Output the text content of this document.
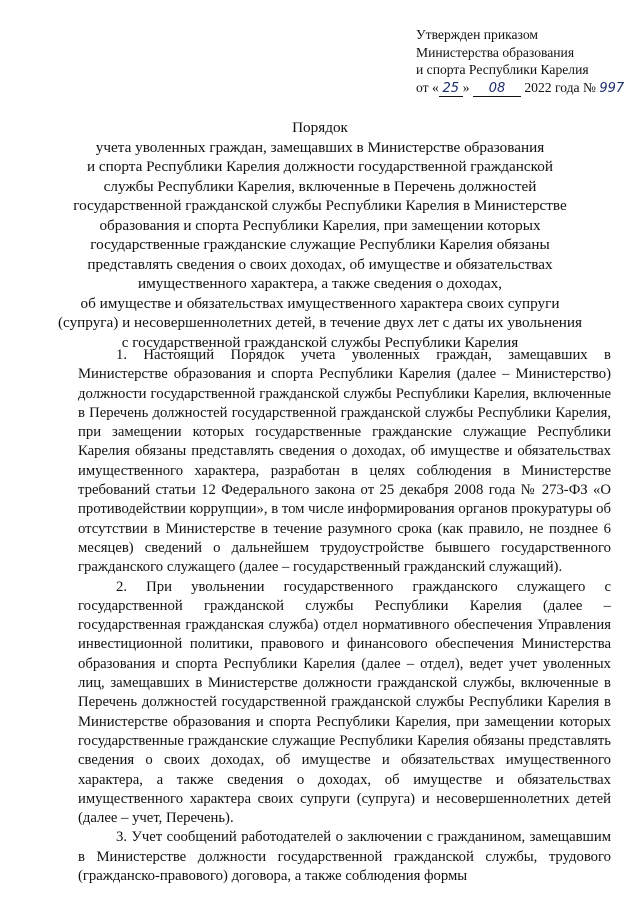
Утвержден приказом
Министерства образования
и спорта Республики Карелия
от « 25 » 08 2022 года № 997
Порядок
учета уволенных граждан, замещавших в Министерстве образования
и спорта Республики Карелия должности государственной гражданской
службы Республики Карелия, включенные в Перечень должностей
государственной гражданской службы Республики Карелия в Министерстве
образования и спорта Республики Карелия, при замещении которых
государственные гражданские служащие Республики Карелия обязаны
представлять сведения о своих доходах, об имуществе и обязательствах
имущественного характера, а также сведения о доходах,
об имуществе и обязательствах имущественного характера своих супруги
(супруга) и несовершеннолетних детей, в течение двух лет с даты их увольнения
с государственной гражданской службы Республики Карелия

1. Настоящий Порядок учета уволенных граждан, замещавших в Министерстве образования и спорта Республики Карелия (далее – Министерство) должности государственной гражданской службы Республики Карелия, включенные в Перечень должностей государственной гражданской службы Республики Карелия, при замещении которых государственные гражданские служащие Республики Карелия обязаны представлять сведения о доходах, об имуществе и обязательствах имущественного характера, разработан в целях соблюдения в Министерстве требований статьи 12 Федерального закона от 25 декабря 2008 года № 273-ФЗ «О противодействии коррупции», в том числе информирования органов прокуратуры об отсутствии в Министерстве в течение разумного срока (как правило, не позднее 6 месяцев) сведений о дальнейшем трудоустройстве бывшего государственного гражданского служащего (далее – государственный гражданский служащий).

2. При увольнении государственного гражданского служащего с государственной гражданской службы Республики Карелия (далее – государственная гражданская служба) отдел нормативного обеспечения Управления инвестиционной политики, правового и финансового обеспечения Министерства образования и спорта Республики Карелия (далее – отдел), ведет учет уволенных лиц, замещавших в Министерстве должности гражданской службы, включенные в Перечень должностей государственной гражданской службы Республики Карелия в Министерстве образования и спорта Республики Карелия, при замещении которых государственные гражданские служащие Республики Карелия обязаны представлять сведения о своих доходах, об имуществе и обязательствах имущественного характера, а также сведения о доходах, об имуществе и обязательствах имущественного характера своих супруги (супруга) и несовершеннолетних детей (далее – учет, Перечень).

3. Учет сообщений работодателей о заключении с гражданином, замещавшим в Министерстве должности государственной гражданской службы, трудового (гражданско-правового) договора, а также соблюдения формы
